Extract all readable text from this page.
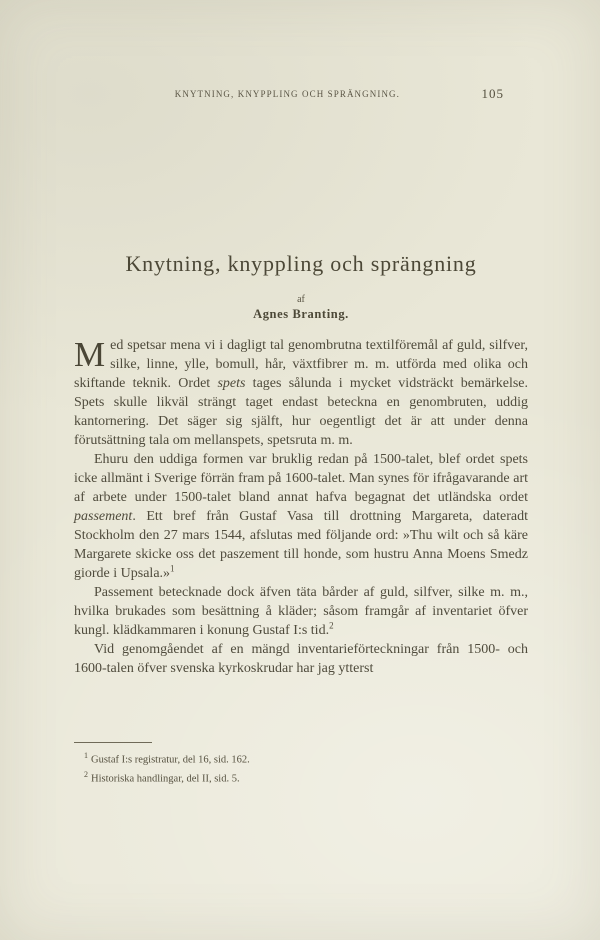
KNYTNING, KNYPPLING OCH SPRÄNGNING.	105
Knytning, knyppling och sprängning
af
Agnes Branting.

Med spetsar mena vi i dagligt tal genombrutna textilföremål af guld, silfver, silke, linne, ylle, bomull, hår, växtfibrer m. m. utförda med olika och skiftande teknik. Ordet spets tages sålunda i mycket vidsträckt bemärkelse. Spets skulle likväl strängt taget endast beteckna en genombruten, uddig kantornering. Det säger sig själft, hur oegentligt det är att under denna förutsättning tala om mellanspets, spetsruta m. m.

Ehuru den uddiga formen var bruklig redan på 1500-talet, blef ordet spets icke allmänt i Sverige förrän fram på 1600-talet. Man synes för ifrågavarande art af arbete under 1500-talet bland annat hafva begagnat det utländska ordet passement. Ett bref från Gustaf Vasa till drottning Margareta, dateradt Stockholm den 27 mars 1544, afslutas med följande ord: »Thu wilt och så käre Margarete skicke oss det paszement till honde, som hustru Anna Moens Smedz giorde i Upsala.»$^1$

Passement betecknade dock äfven täta bårder af guld, silfver, silke m. m., hvilka brukades som besättning å kläder; såsom framgår af inventariet öfver kungl. klädkammaren i konung Gustaf I:s tid.$^2$

Vid genomgåendet af en mängd inventarieförteckningar från 1500- och 1600-talen öfver svenska kyrkoskrudar har jag ytterst

$^1$ Gustaf I:s registratur, del 16, sid. 162.
$^2$ Historiska handlingar, del II, sid. 5.
